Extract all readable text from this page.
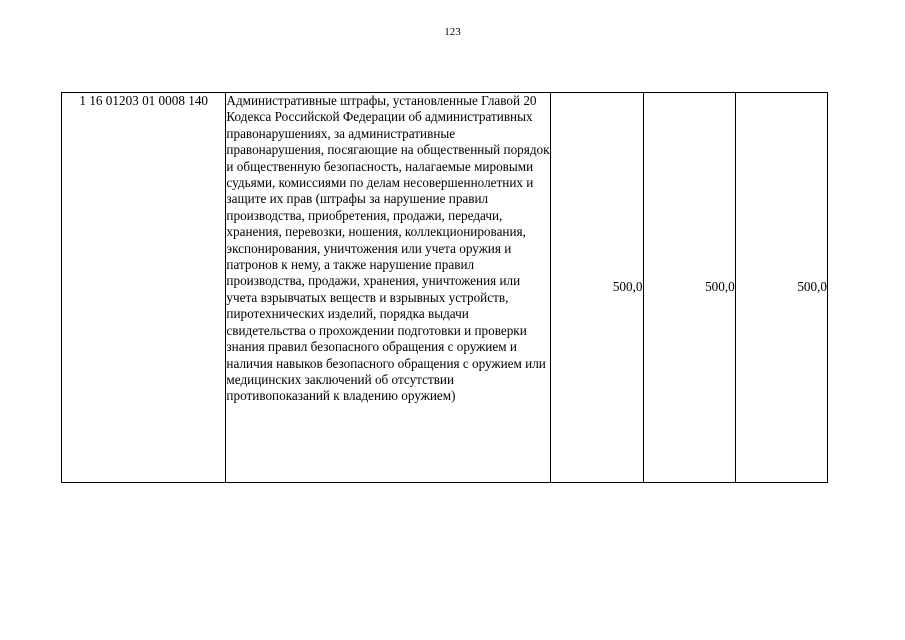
123
1 16 01203 01 0008 140	Административные штрафы, установленные Главой 20 Кодекса Российской Федерации об административных правонарушениях, за административные правонарушения, посягающие на общественный порядок и общественную безопасность, налагаемые мировыми судьями, комиссиями по делам несовершеннолетних и защите их прав (штрафы за нарушение правил производства, приобретения, продажи, передачи, хранения, перевозки, ношения, коллекционирования, экспонирования, уничтожения или учета оружия и патронов к нему, а также нарушение правил производства, продажи, хранения, уничтожения или учета взрывчатых веществ и взрывных устройств, пиротехнических изделий, порядка выдачи свидетельства о прохождении подготовки и проверки знания правил безопасного обращения с оружием и наличия навыков безопасного обращения с оружием или медицинских заключений об отсутствии противопоказаний к владению оружием)	500,0	500,0	500,0
